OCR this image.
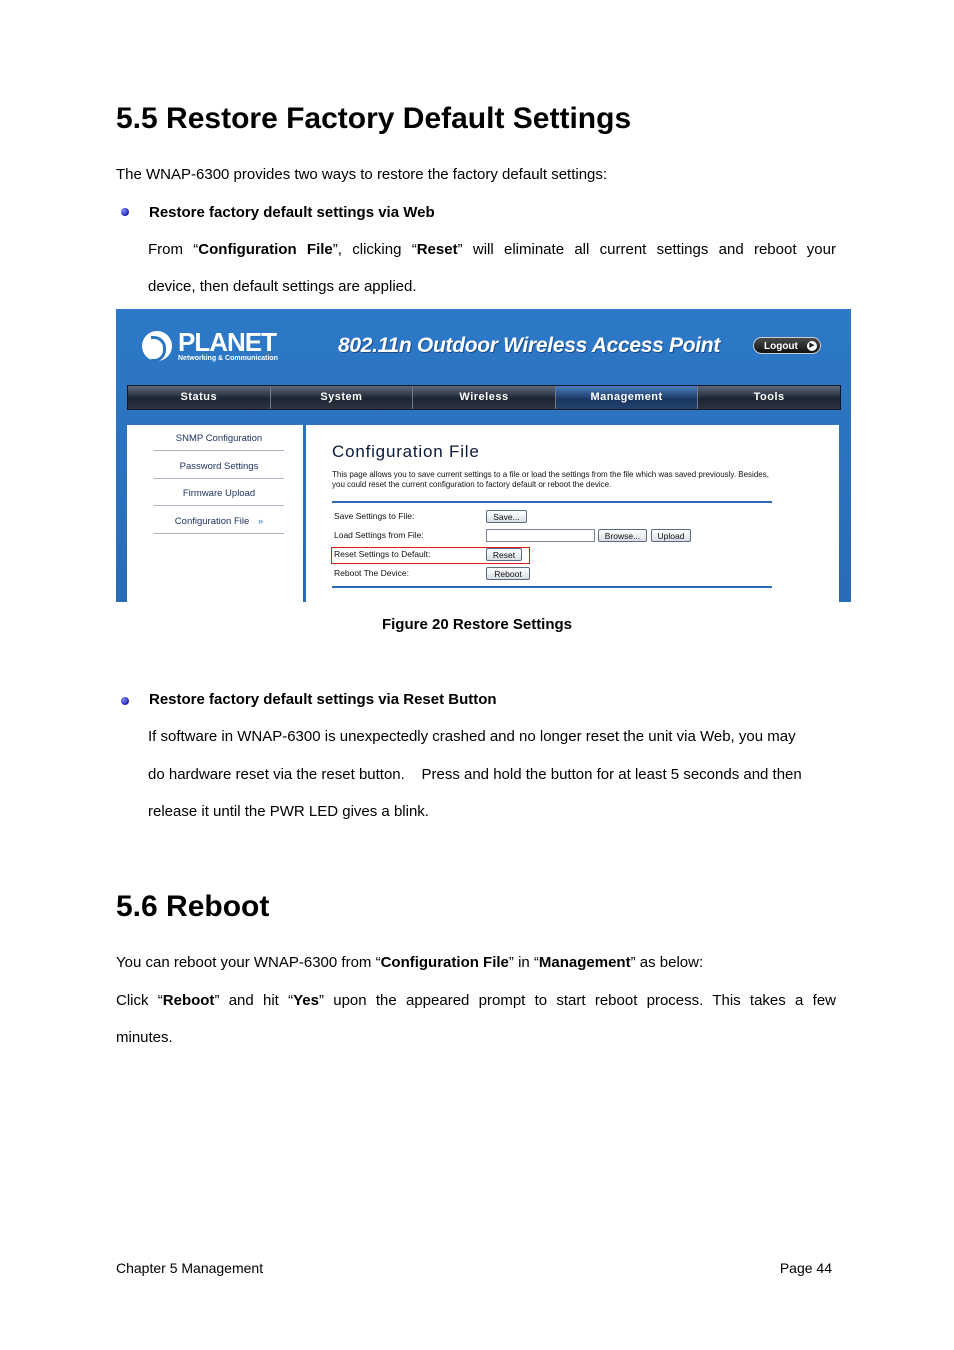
5.5 Restore Factory Default Settings
The WNAP-6300 provides two ways to restore the factory default settings:
Restore factory default settings via Web
From “Configuration File”, clicking “Reset” will eliminate all current settings and reboot your
device, then default settings are applied.
PLANET
Networking & Communication
802.11n Outdoor Wireless Access Point	Logout	▶
Status	System	Wireless	Management	Tools
SNMP Configuration
Password Settings
Firmware Upload
Configuration File »
Configuration File
This page allows you to save current settings to a file or load the settings from the file which was saved previously. Besides, you could reset the current configuration to factory default or reboot the device.
Save Settings to File:	Save...
Load Settings from File:	Browse...	Upload
Reset Settings to Default:	Reset
Reboot The Device:	Reboot
Figure 20 Restore Settings
Restore factory default settings via Reset Button
If software in WNAP-6300 is unexpectedly crashed and no longer reset the unit via Web, you may
do hardware reset via the reset button.    Press and hold the button for at least 5 seconds and then
release it until the PWR LED gives a blink.
5.6 Reboot
You can reboot your WNAP-6300 from “Configuration File” in “Management” as below:
Click “Reboot” and hit “Yes” upon the appeared prompt to start reboot process. This takes a few
minutes.
Chapter 5 Management	Page 44
